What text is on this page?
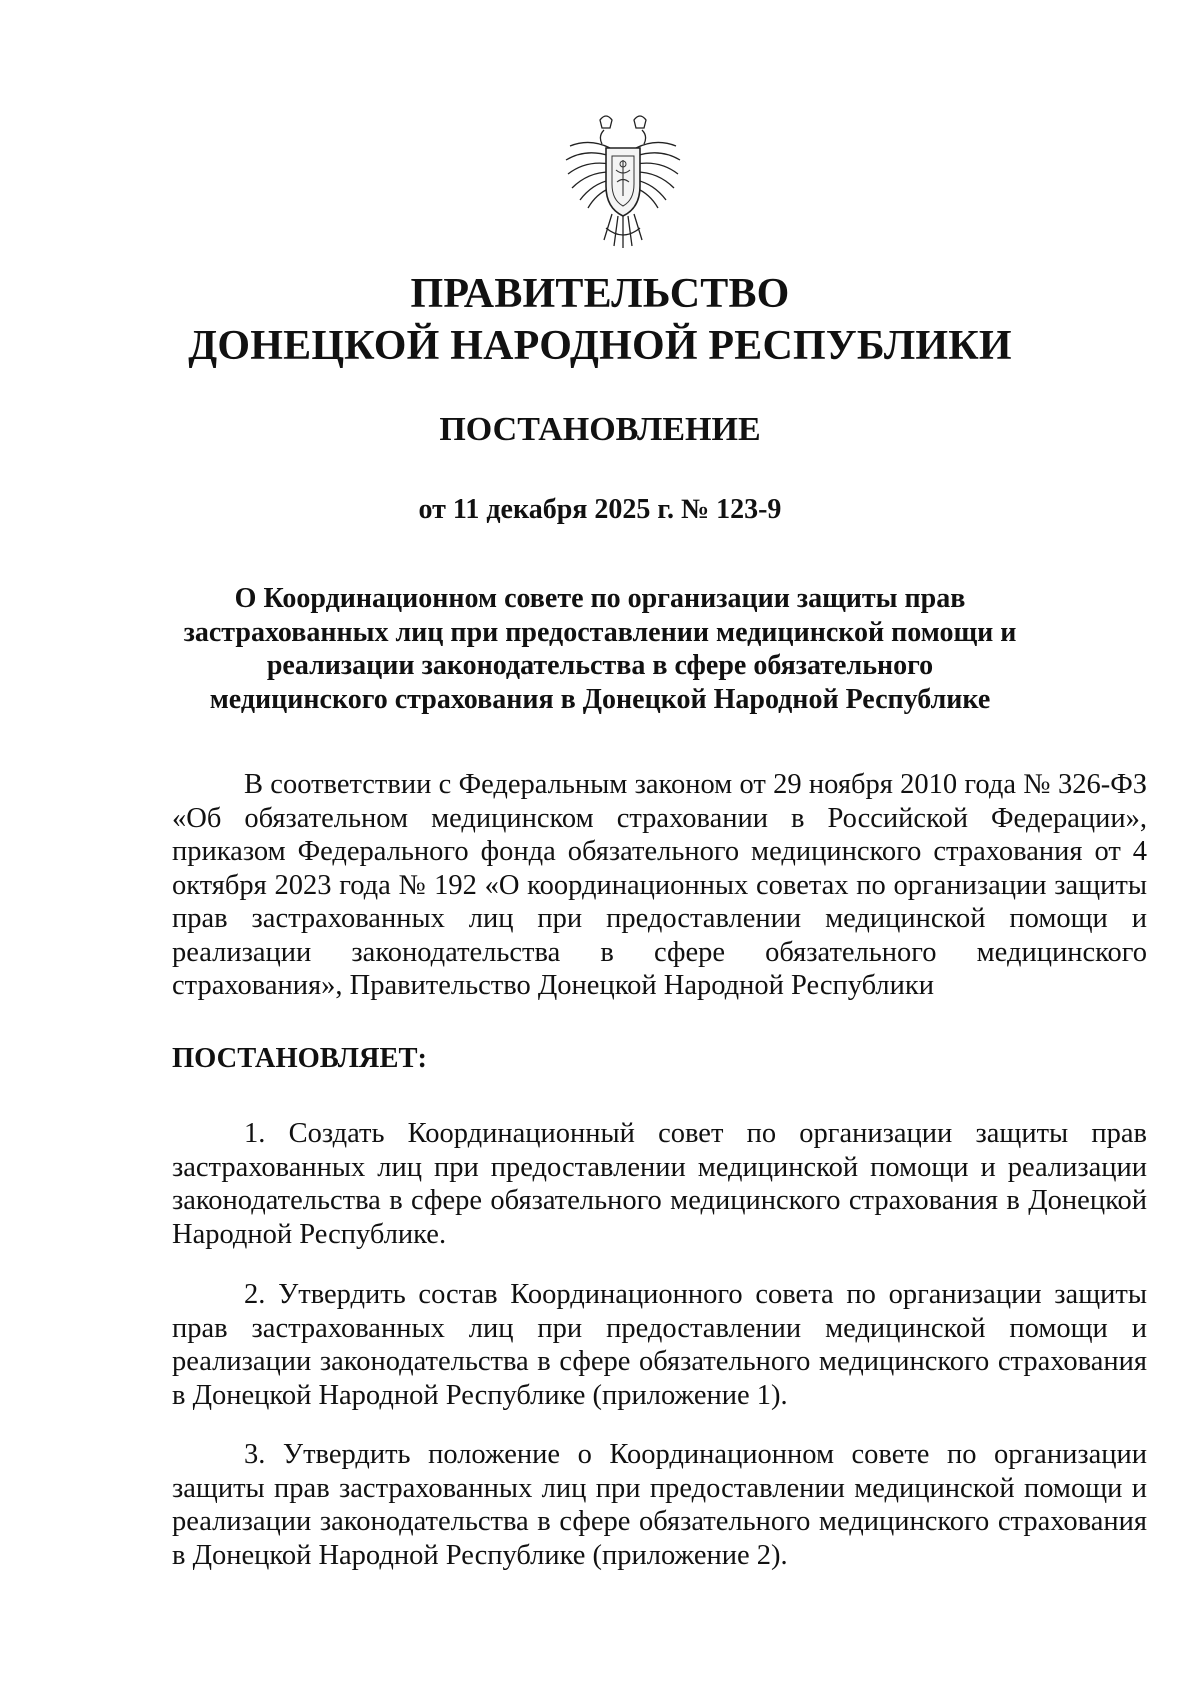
ПРАВИТЕЛЬСТВО
ДОНЕЦКОЙ НАРОДНОЙ РЕСПУБЛИКИ
ПОСТАНОВЛЕНИЕ
от 11 декабря 2025 г. № 123-9
О Координационном совете по организации защиты прав застрахованных лиц при предоставлении медицинской помощи и реализации законодательства в сфере обязательного медицинского страхования в Донецкой Народной Республике
В соответствии с Федеральным законом от 29 ноября 2010 года № 326-ФЗ «Об обязательном медицинском страховании в Российской Федерации», приказом Федерального фонда обязательного медицинского страхования от 4 октября 2023 года № 192 «О координационных советах по организации защиты прав застрахованных лиц при предоставлении медицинской помощи и реализации законодательства в сфере обязательного медицинского страхования», Правительство Донецкой Народной Республики
ПОСТАНОВЛЯЕТ:
1. Создать Координационный совет по организации защиты прав застрахованных лиц при предоставлении медицинской помощи и реализации законодательства в сфере обязательного медицинского страхования в Донецкой Народной Республике.
2. Утвердить состав Координационного совета по организации защиты прав застрахованных лиц при предоставлении медицинской помощи и реализации законодательства в сфере обязательного медицинского страхования в Донецкой Народной Республике (приложение 1).
3. Утвердить положение о Координационном совете по организации защиты прав застрахованных лиц при предоставлении медицинской помощи и реализации законодательства в сфере обязательного медицинского страхования в Донецкой Народной Республике (приложение 2).
